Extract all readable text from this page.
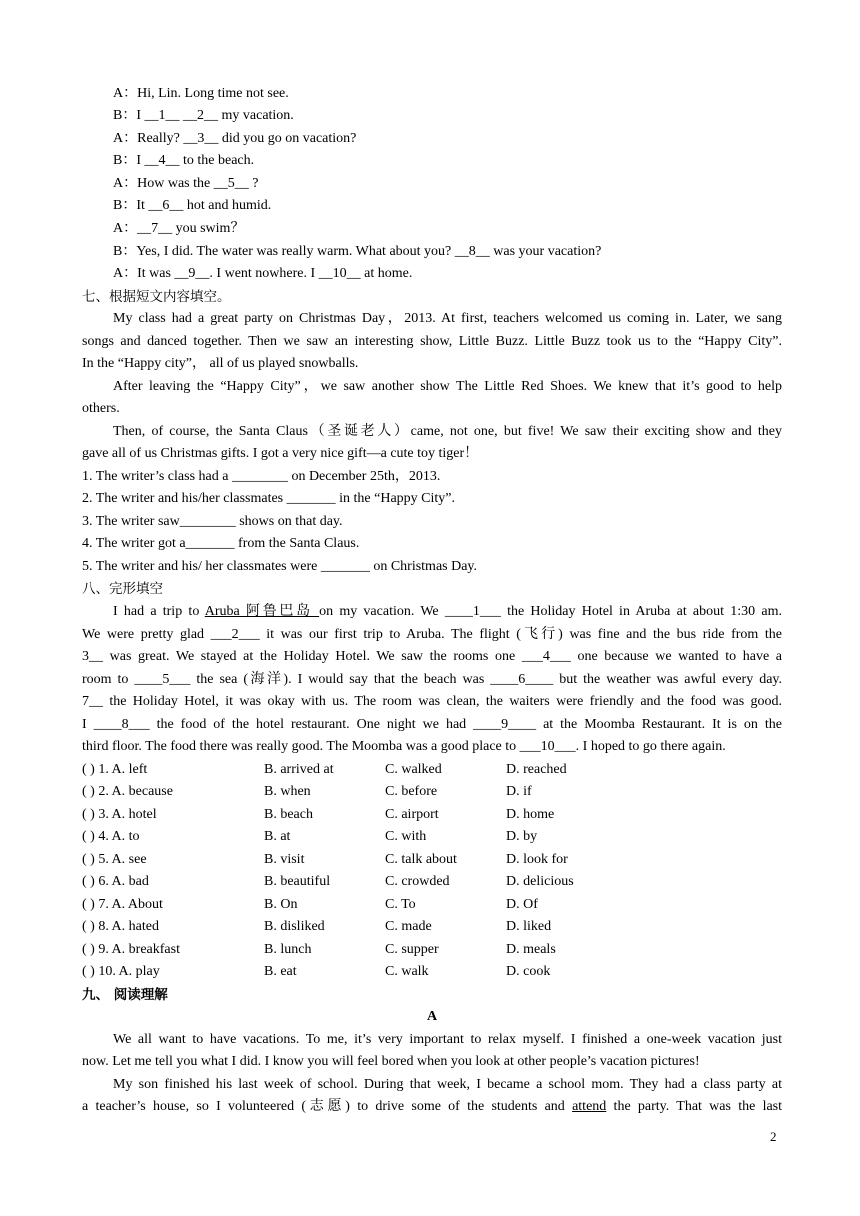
A：Hi, Lin. Long time not see.
B：I __1__ __2__ my vacation.
A：Really? __3__ did you go on vacation?
B：I __4__ to the beach.
A：How was the __5__ ?
B：It __6__ hot and humid.
A：__7__ you swim？
B：Yes, I did. The water was really warm. What about you? __8__ was your vacation?
A：It was __9__. I went nowhere. I __10__ at home.
七、根据短文内容填空。
My class had a great party on Christmas Day，2013. At first, teachers welcomed us coming in. Later, we sang
songs and danced together. Then we saw an interesting show, Little Buzz. Little Buzz took us to the “Happy City”.
In the “Happy city”， all of us played snowballs.
After leaving the “Happy City”，we saw another show The Little Red Shoes. We knew that it’s good to help
others.
Then, of course, the Santa Claus（圣诞老人）came, not one, but five! We saw their exciting show and they
gave all of us Christmas gifts. I got a very nice gift—a cute toy tiger！
1. The writer’s class had a ________ on December 25th，2013.
2. The writer and his/her classmates _______ in the “Happy City”.
3. The writer saw________ shows on that day.
4. The writer got a_______ from the Santa Claus.
5. The writer and his/ her classmates were _______ on Christmas Day.
八、完形填空
I had a trip to Aruba 阿鲁巴岛 on my vacation. We ____1___ the Holiday Hotel in Aruba at about 1:30 am.
We were pretty glad ___2___ it was our first trip to Aruba. The flight (飞行) was fine and the bus ride from the
3__ was great. We stayed at the Holiday Hotel. We saw the rooms one ___4___ one because we wanted to have a
room to ____5___ the sea (海洋). I would say that the beach was ____6____ but the weather was awful every day.
7__ the Holiday Hotel, it was okay with us. The room was clean, the waiters were friendly and the food was good.
I ____8___ the food of the hotel restaurant. One night we had ____9____ at the Moomba Restaurant. It is on the
third floor. The food there was really good. The Moomba was a good place to ___10___. I hoped to go there again.
( ) 1. A. left	B. arrived at	C. walked	D. reached
( ) 2. A. because	B. when	C. before	D. if
( ) 3. A. hotel	B. beach	C. airport	D. home
( ) 4. A. to	B. at	C. with	D. by
( ) 5. A. see	B. visit	C. talk about	D. look for
( ) 6. A. bad	B. beautiful	C. crowded	D. delicious
( ) 7. A. About	B. On	C. To	D. Of
( ) 8. A. hated	B. disliked	C. made	D. liked
( ) 9. A. breakfast	B. lunch	C. supper	D. meals
( ) 10. A. play	B. eat	C. walk	D. cook
九、 阅读理解
A
We all want to have vacations. To me, it’s very important to relax myself. I finished a one-week vacation just
now. Let me tell you what I did. I know you will feel bored when you look at other people’s vacation pictures!
My son finished his last week of school. During that week, I became a school mom. They had a class party at
a teacher’s house, so I volunteered (志愿) to drive some of the students and attend the party. That was the last
2
